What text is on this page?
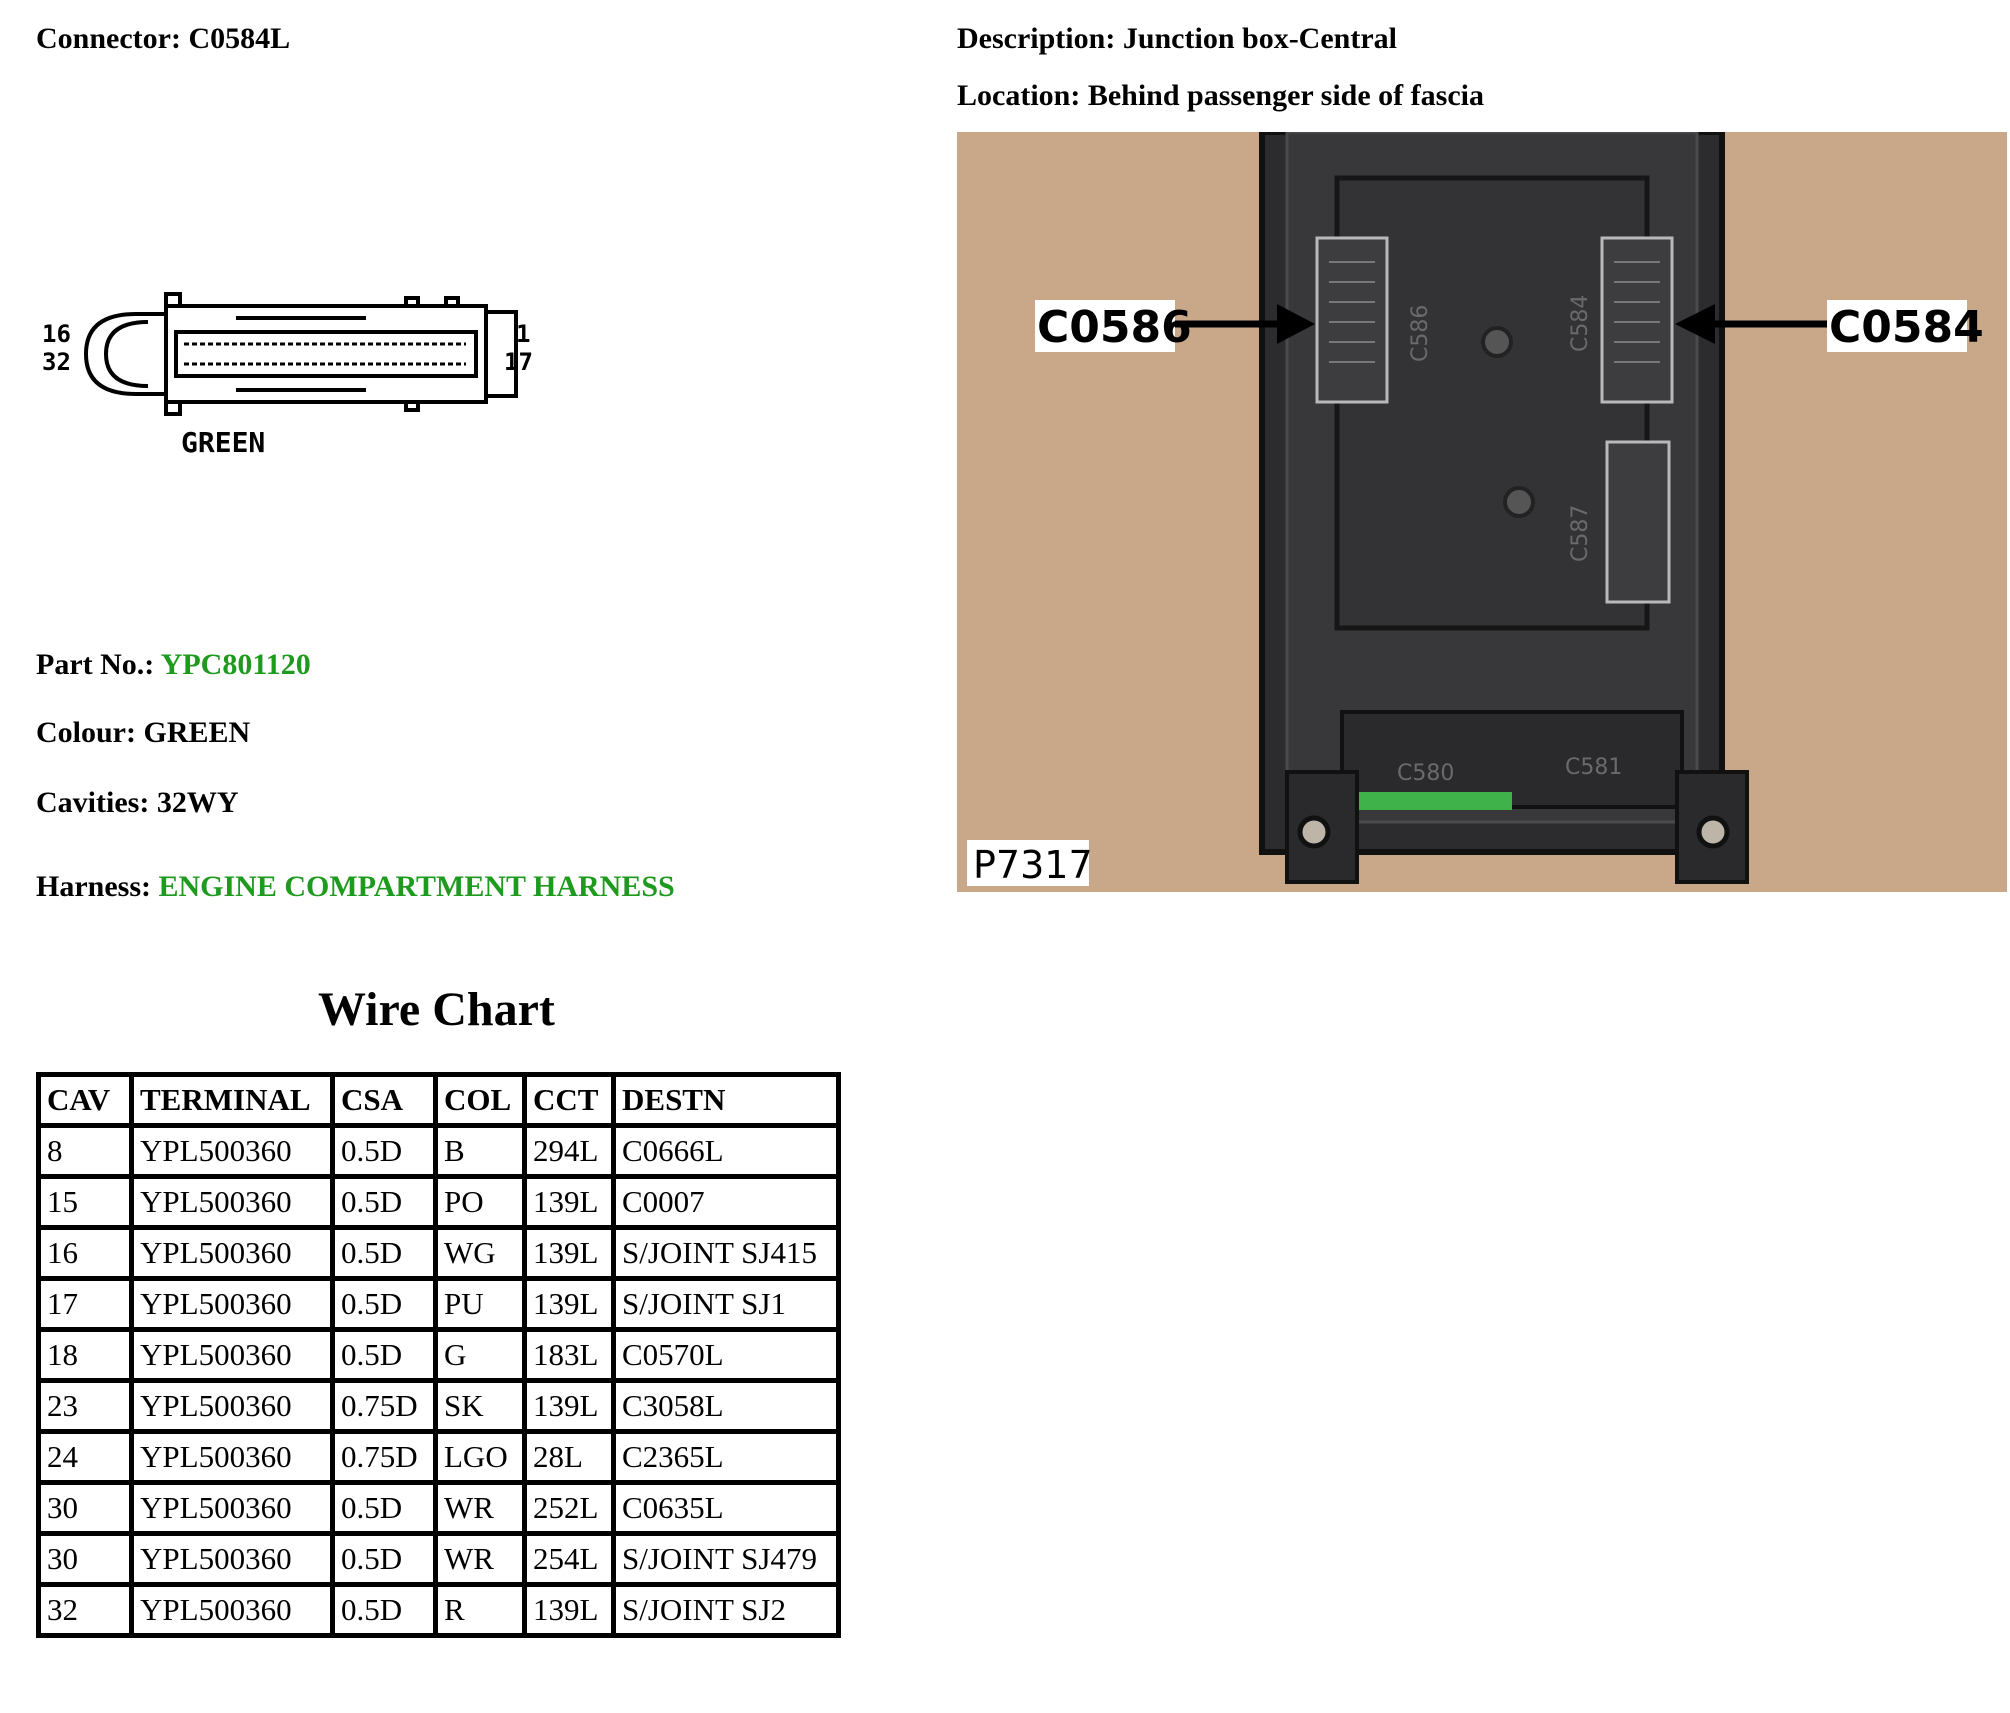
Connector: C0584L	Description: Junction box-Central
Location: Behind passenger side of fascia
16
32
1
17
GREEN
Part No.: YPC801120
Colour: GREEN
Cavities: 32WY
Harness: ENGINE COMPARTMENT HARNESS
C586	C584
C587
C580	C581
C0586	C0584
P7317
Wire Chart
CAV	TERMINAL	CSA	COL	CCT	DESTN
8	YPL500360	0.5D	B	294L	C0666L
15	YPL500360	0.5D	PO	139L	C0007
16	YPL500360	0.5D	WG	139L	S/JOINT SJ415
17	YPL500360	0.5D	PU	139L	S/JOINT SJ1
18	YPL500360	0.5D	G	183L	C0570L
23	YPL500360	0.75D	SK	139L	C3058L
24	YPL500360	0.75D	LGO	28L	C2365L
30	YPL500360	0.5D	WR	252L	C0635L
30	YPL500360	0.5D	WR	254L	S/JOINT SJ479
32	YPL500360	0.5D	R	139L	S/JOINT SJ2
